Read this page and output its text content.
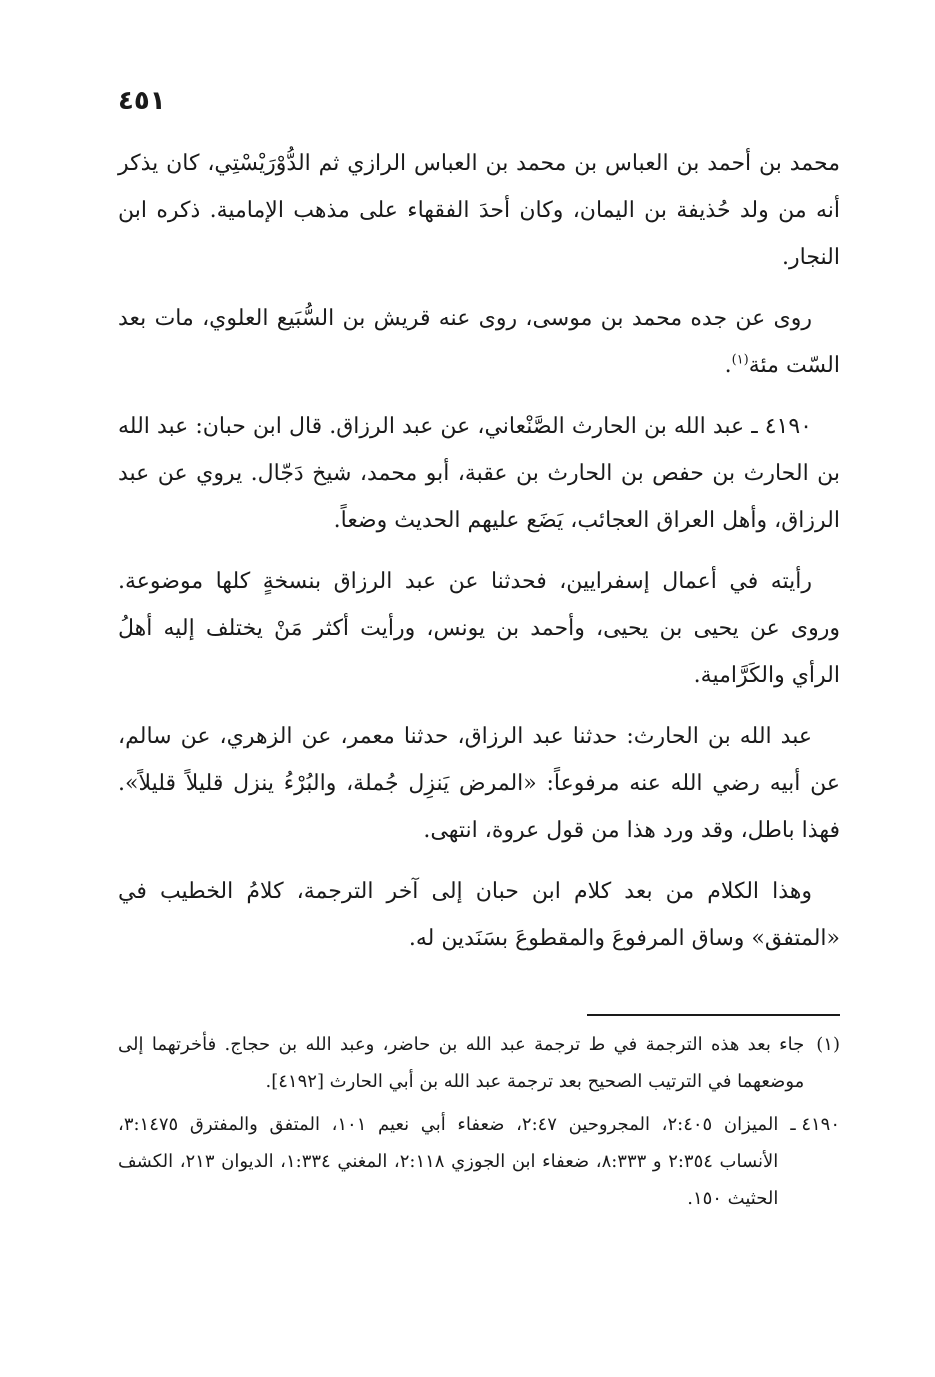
٤٥١

محمد بن أحمد بن العباس بن محمد بن العباس الرازي ثم الدُّوْرَيْسْتِي، كان يذكر أنه من ولد حُذيفة بن اليمان، وكان أحدَ الفقهاء على مذهب الإمامية. ذكره ابن النجار.

روى عن جده محمد بن موسى، روى عنه قريش بن السُّبَيع العلوي، مات بعد السّت مئة$^{(١)}$.

٤١٩٠ ـ عبد الله بن الحارث الصَّنْعاني، عن عبد الرزاق. قال ابن حبان: عبد الله بن الحارث بن حفص بن الحارث بن عقبة، أبو محمد، شيخ دَجّال. يروي عن عبد الرزاق، وأهل العراق العجائب، يَضَع عليهم الحديث وضعاً.

رأيته في أعمال إسفرايين، فحدثنا عن عبد الرزاق بنسخةٍ كلها موضوعة. وروى عن يحيى بن يحيى، وأحمد بن يونس، ورأيت أكثر مَنْ يختلف إليه أهلُ الرأي والكَرَّامية.

عبد الله بن الحارث: حدثنا عبد الرزاق، حدثنا معمر، عن الزهري، عن سالم، عن أبيه رضي الله عنه مرفوعاً: «المرض يَنزِل جُملة، والبُرْءُ ينزل قليلاً قليلاً». فهذا باطل، وقد ورد هذا من قول عروة، انتهى.

وهذا الكلام من بعد كلام ابن حبان إلى آخر الترجمة، كلامُ الخطيب في «المتفق» وساق المرفوعَ والمقطوعَ بسَنَدين له.

(١)
جاء بعد هذه الترجمة في ط ترجمة عبد الله بن حاضر، وعبد الله بن حجاج. فأخرتهما إلى موضعهما في الترتيب الصحيح بعد ترجمة عبد الله بن أبي الحارث [٤١٩٢].
٤١٩٠ ـ
الميزان ٢:٤٠٥، المجروحين ٢:٤٧، ضعفاء أبي نعيم ١٠١، المتفق والمفترق ٣:١٤٧٥، الأنساب ٢:٣٥٤ و ٨:٣٣٣، ضعفاء ابن الجوزي ٢:١١٨، المغني ١:٣٣٤، الديوان ٢١٣، الكشف الحثيث ١٥٠.
